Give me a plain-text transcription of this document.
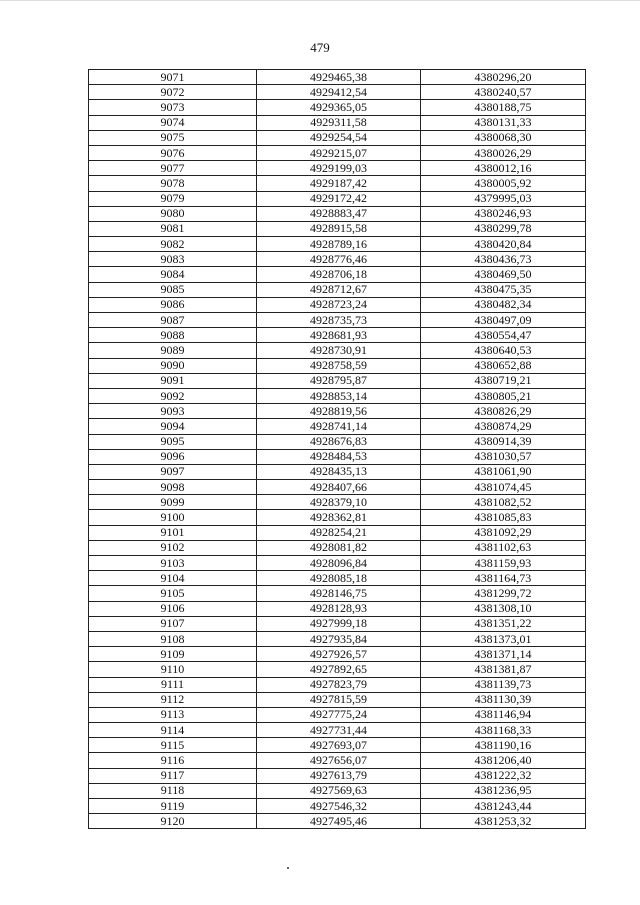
479
9071	4929465,38	4380296,20
9072	4929412,54	4380240,57
9073	4929365,05	4380188,75
9074	4929311,58	4380131,33
9075	4929254,54	4380068,30
9076	4929215,07	4380026,29
9077	4929199,03	4380012,16
9078	4929187,42	4380005,92
9079	4929172,42	4379995,03
9080	4928883,47	4380246,93
9081	4928915,58	4380299,78
9082	4928789,16	4380420,84
9083	4928776,46	4380436,73
9084	4928706,18	4380469,50
9085	4928712,67	4380475,35
9086	4928723,24	4380482,34
9087	4928735,73	4380497,09
9088	4928681,93	4380554,47
9089	4928730,91	4380640,53
9090	4928758,59	4380652,88
9091	4928795,87	4380719,21
9092	4928853,14	4380805,21
9093	4928819,56	4380826,29
9094	4928741,14	4380874,29
9095	4928676,83	4380914,39
9096	4928484,53	4381030,57
9097	4928435,13	4381061,90
9098	4928407,66	4381074,45
9099	4928379,10	4381082,52
9100	4928362,81	4381085,83
9101	4928254,21	4381092,29
9102	4928081,82	4381102,63
9103	4928096,84	4381159,93
9104	4928085,18	4381164,73
9105	4928146,75	4381299,72
9106	4928128,93	4381308,10
9107	4927999,18	4381351,22
9108	4927935,84	4381373,01
9109	4927926,57	4381371,14
9110	4927892,65	4381381,87
9111	4927823,79	4381139,73
9112	4927815,59	4381130,39
9113	4927775,24	4381146,94
9114	4927731,44	4381168,33
9115	4927693,07	4381190,16
9116	4927656,07	4381206,40
9117	4927613,79	4381222,32
9118	4927569,63	4381236,95
9119	4927546,32	4381243,44
9120	4927495,46	4381253,32
